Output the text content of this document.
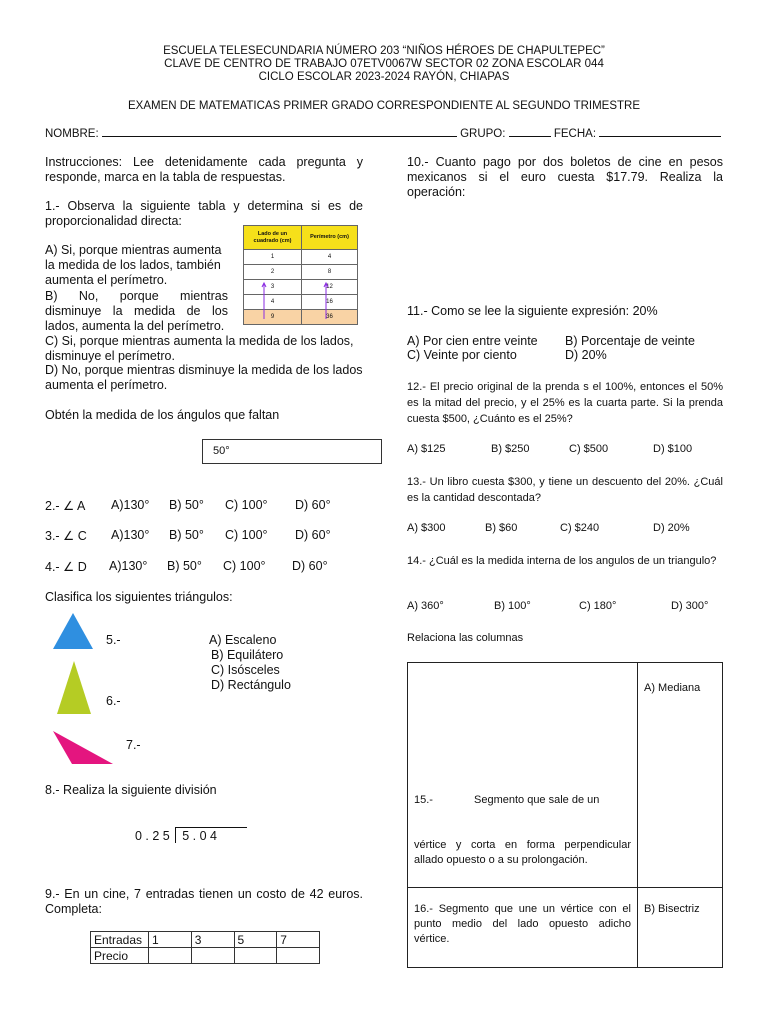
ESCUELA TELESECUNDARIA NÚMERO 203 “NIÑOS HÉROES DE CHAPULTEPEC”
CLAVE DE CENTRO DE TRABAJO 07ETV0067W SECTOR 02 ZONA ESCOLAR 044
CICLO ESCOLAR 2023-2024 RAYÓN, CHIAPAS
EXAMEN DE MATEMATICAS PRIMER GRADO CORRESPONDIENTE AL SEGUNDO TRIMESTRE
NOMBRE:	GRUPO:	FECHA:
Instrucciones: Lee detenidamente cada pregunta y responde, marca en la tabla de respuestas.
1.- Observa la siguiente tabla y determina si es de proporcionalidad directa:
A) Si, porque mientras aumenta la medida de los lados, también aumenta el perímetro.
B) No, porque mientras disminuye la medida de los lados, aumenta la del perímetro.
C) Si, porque mientras aumenta la medida de los lados, disminuye el perímetro.
D) No, porque mientras disminuye la medida de los lados aumenta el perímetro.
Lado de un cuadrado (cm)	Perímetro (cm)
1	4
2	8
3	12
4	16
9	36
Obtén la medida de los ángulos que faltan
50°
2.- ∠ A A)130° B) 50° C) 100° D) 60°
3.- ∠ C A)130° B) 50° C) 100° D) 60°
4.- ∠ D A)130° B) 50° C) 100° D) 60°
Clasifica los siguientes triángulos:
5.-
6.-
7.-
A) Escaleno
B) Equilátero
C) Isósceles
D) Rectángulo
8.- Realiza la siguiente división
0 . 2 5 5 . 0 4
9.- En un cine, 7 entradas tienen un costo de 42 euros. Completa:
Entradas	1	3	5	7
Precio				
10.- Cuanto pago por dos boletos de cine en pesos mexicanos si el euro cuesta $17.79. Realiza la operación:
11.- Como se lee la siguiente expresión: 20%
A) Por cien entre veinte B) Porcentaje de veinte
C) Veinte por ciento	D) 20%
12.- El precio original de la prenda s el 100%, entonces el 50% es la mitad del precio, y el 25% es la cuarta parte. Si la prenda cuesta $500, ¿Cuánto es el 25%?
A) $125	B) $250	C) $500	D) $100
13.- Un libro cuesta $300, y tiene un descuento del 20%. ¿Cuál es la cantidad descontada?
A) $300	B) $60	C) $240	D) 20%
14.- ¿Cuál es la medida interna de los angulos de un triangulo?
A) 360°	B) 100°	C) 180°	D) 300°
Relaciona las columnas
15.- Segmento que sale de un
vértice y corta en forma perpendicular allado opuesto o a su prolongación.	A) Mediana
16.- Segmento que une un vértice con el punto medio del lado opuesto adicho vértice.	B) Bisectriz
